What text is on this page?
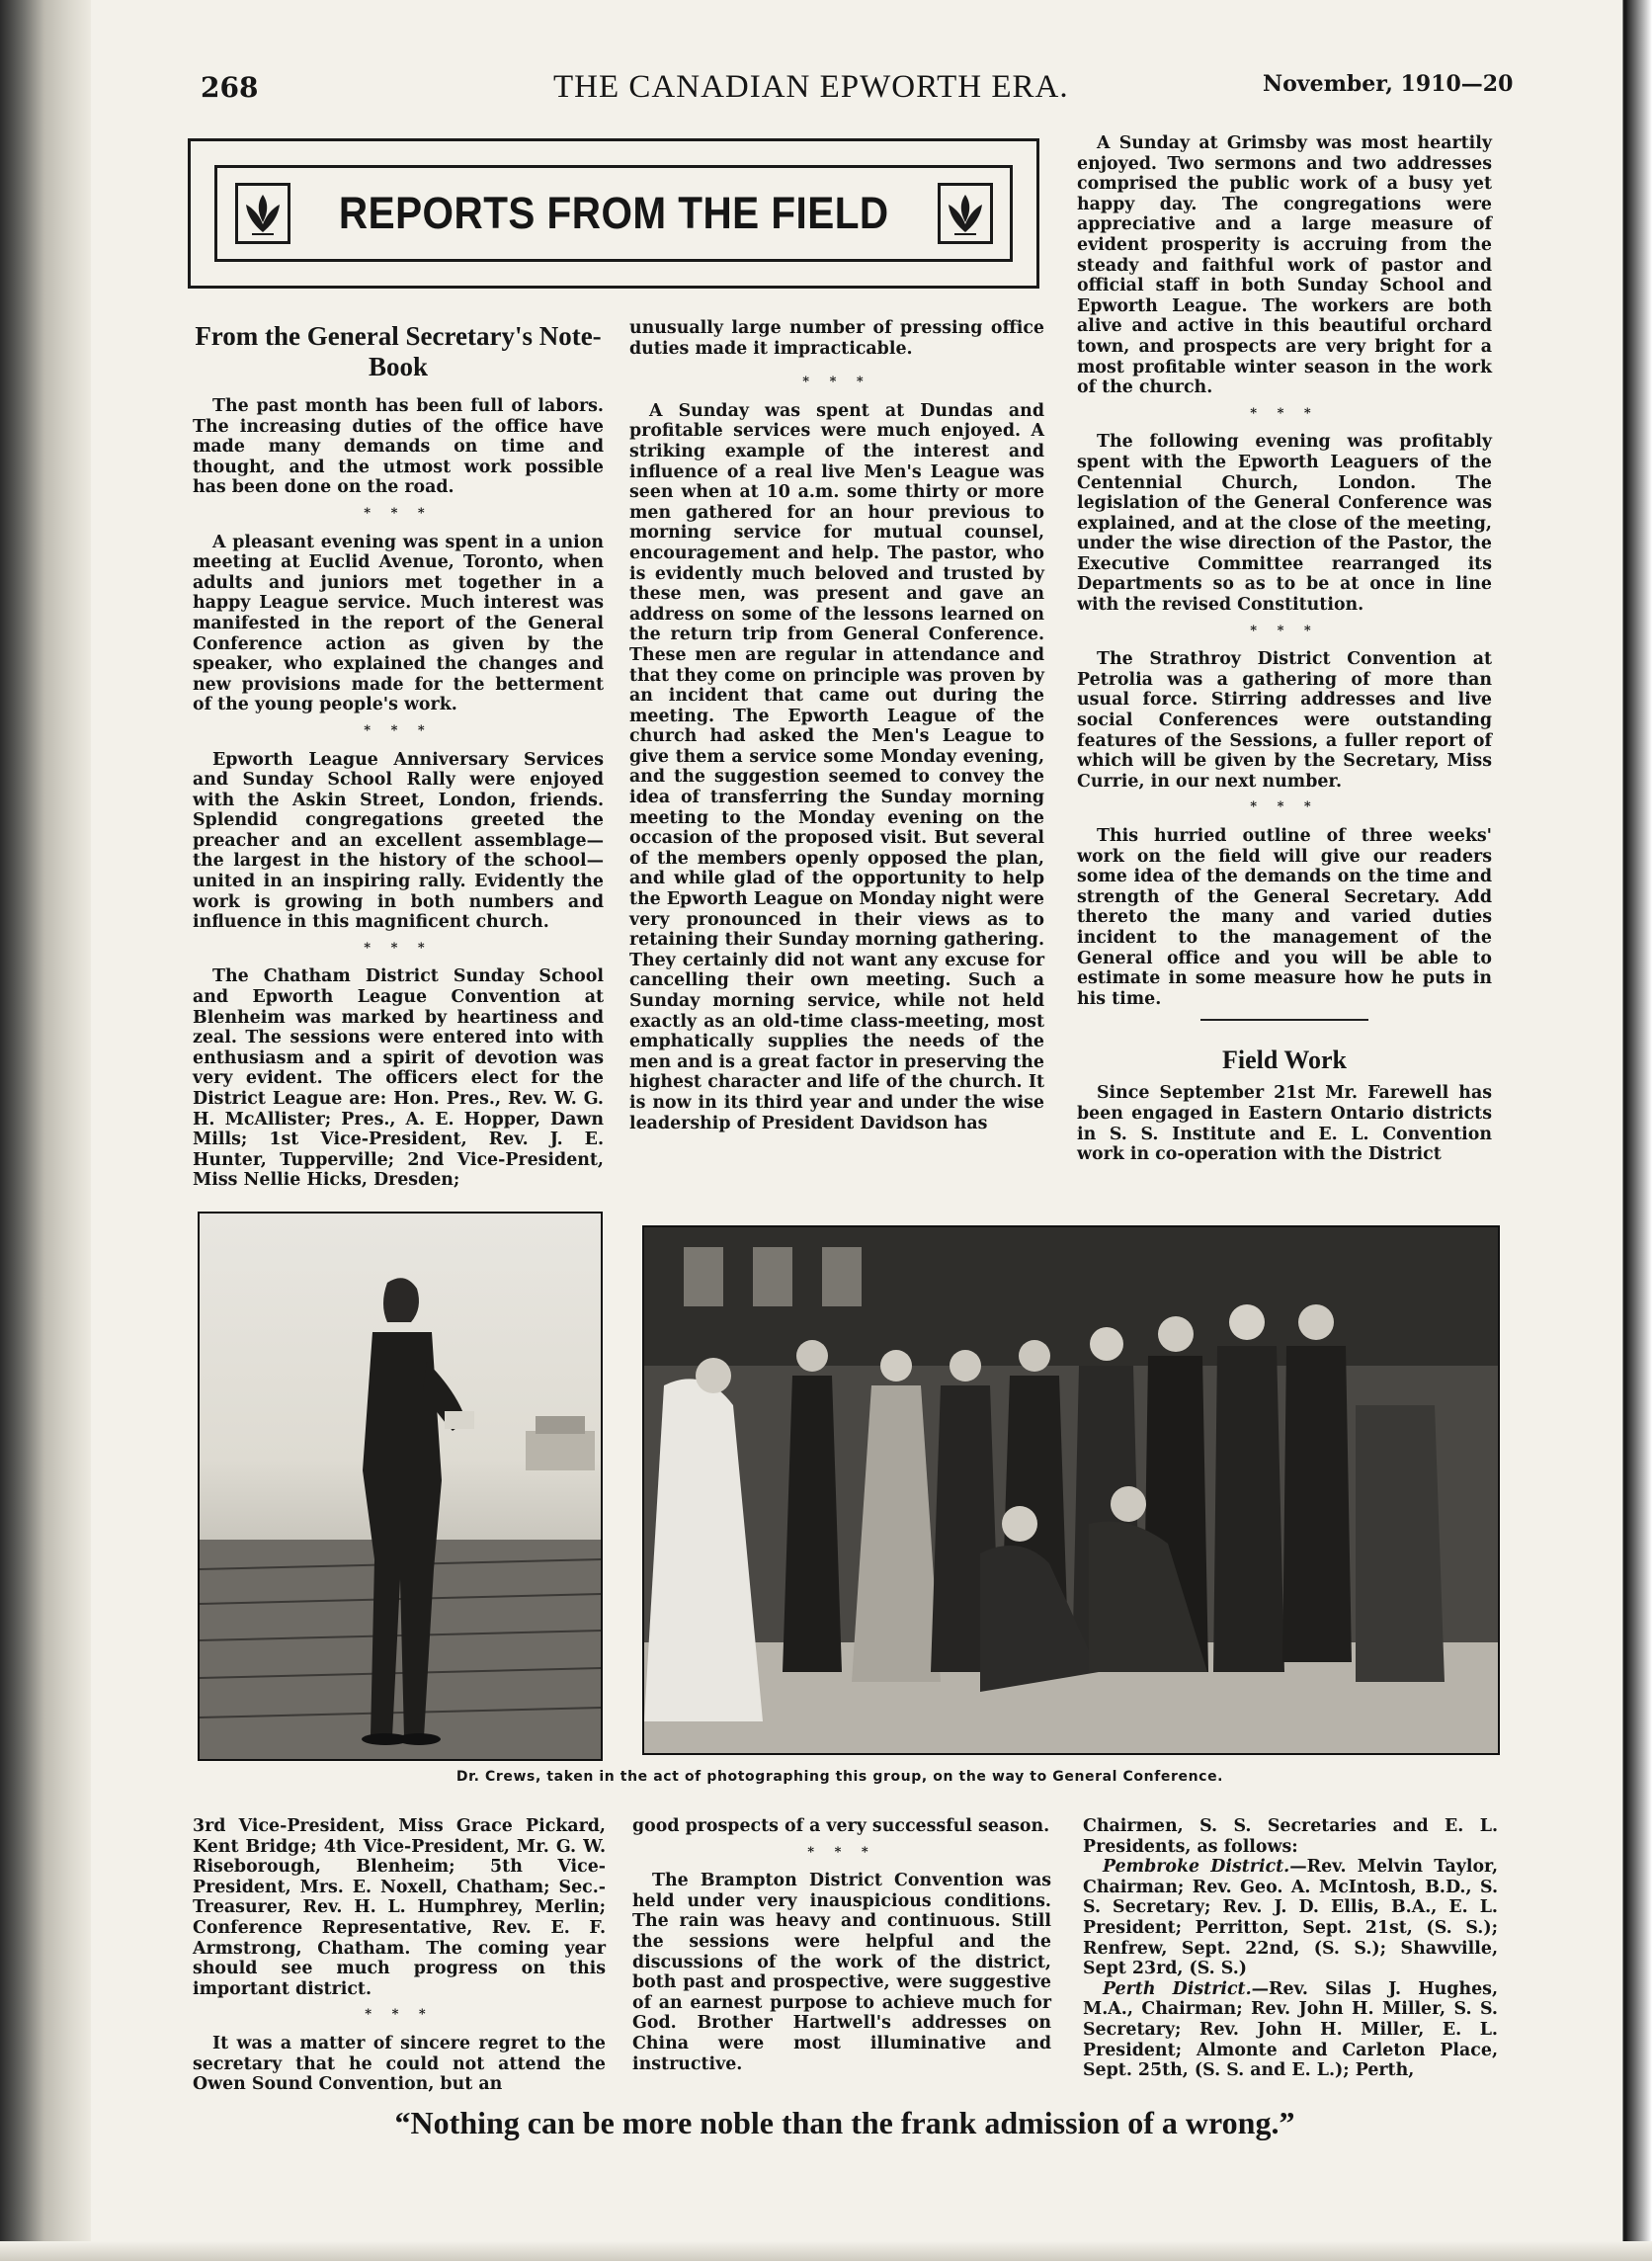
268	THE CANADIAN EPWORTH ERA.	November, 1910—20
REPORTS FROM THE FIELD
From the General Secretary's Note-Book

The past month has been full of labors. The increasing duties of the office have made many demands on time and thought, and the utmost work possible has been done on the road.

* * *

A pleasant evening was spent in a union meeting at Euclid Avenue, Toronto, when adults and juniors met together in a happy League service. Much interest was manifested in the report of the General Conference action as given by the speaker, who explained the changes and new provisions made for the betterment of the young people's work.

* * *

Epworth League Anniversary Services and Sunday School Rally were enjoyed with the Askin Street, London, friends. Splendid congregations greeted the preacher and an excellent assemblage—the largest in the history of the school—united in an inspiring rally. Evidently the work is growing in both numbers and influence in this magnificent church.

* * *

The Chatham District Sunday School and Epworth League Convention at Blenheim was marked by heartiness and zeal. The sessions were entered into with enthusiasm and a spirit of devotion was very evident. The officers elect for the District League are: Hon. Pres., Rev. W. G. H. McAllister; Pres., A. E. Hopper, Dawn Mills; 1st Vice-President, Rev. J. E. Hunter, Tupperville; 2nd Vice-President, Miss Nellie Hicks, Dresden;

unusually large number of pressing office duties made it impracticable.

* * *

A Sunday was spent at Dundas and profitable services were much enjoyed. A striking example of the interest and influence of a real live Men's League was seen when at 10 a.m. some thirty or more men gathered for an hour previous to morning service for mutual counsel, encouragement and help. The pastor, who is evidently much beloved and trusted by these men, was present and gave an address on some of the lessons learned on the return trip from General Conference. These men are regular in attendance and that they come on principle was proven by an incident that came out during the meeting. The Epworth League of the church had asked the Men's League to give them a service some Monday evening, and the suggestion seemed to convey the idea of transferring the Sunday morning meeting to the Monday evening on the occasion of the proposed visit. But several of the members openly opposed the plan, and while glad of the opportunity to help the Epworth League on Monday night were very pronounced in their views as to retaining their Sunday morning gathering. They certainly did not want any excuse for cancelling their own meeting. Such a Sunday morning service, while not held exactly as an old-time class-meeting, most emphatically supplies the needs of the men and is a great factor in preserving the highest character and life of the church. It is now in its third year and under the wise leadership of President Davidson has

A Sunday at Grimsby was most heartily enjoyed. Two sermons and two addresses comprised the public work of a busy yet happy day. The congregations were appreciative and a large measure of evident prosperity is accruing from the steady and faithful work of pastor and official staff in both Sunday School and Epworth League. The workers are both alive and active in this beautiful orchard town, and prospects are very bright for a most profitable winter season in the work of the church.

* * *

The following evening was profitably spent with the Epworth Leaguers of the Centennial Church, London. The legislation of the General Conference was explained, and at the close of the meeting, under the wise direction of the Pastor, the Executive Committee rearranged its Departments so as to be at once in line with the revised Constitution.

* * *

The Strathroy District Convention at Petrolia was a gathering of more than usual force. Stirring addresses and live social Conferences were outstanding features of the Sessions, a fuller report of which will be given by the Secretary, Miss Currie, in our next number.

* * *

This hurried outline of three weeks' work on the field will give our readers some idea of the demands on the time and strength of the General Secretary. Add thereto the many and varied duties incident to the management of the General office and you will be able to estimate in some measure how he puts in his time.

Field Work

Since September 21st Mr. Farewell has been engaged in Eastern Ontario districts in S. S. Institute and E. L. Convention work in co-operation with the District

Dr. Crews, taken in the act of photographing this group, on the way to General Conference.

3rd Vice-President, Miss Grace Pickard, Kent Bridge; 4th Vice-President, Mr. G. W. Riseborough, Blenheim; 5th Vice-President, Mrs. E. Noxell, Chatham; Sec.-Treasurer, Rev. H. L. Humphrey, Merlin; Conference Representative, Rev. E. F. Armstrong, Chatham. The coming year should see much progress on this important district.

* * *

It was a matter of sincere regret to the secretary that he could not attend the Owen Sound Convention, but an

good prospects of a very successful season.

* * *

The Brampton District Convention was held under very inauspicious conditions. The rain was heavy and continuous. Still the sessions were helpful and the discussions of the work of the district, both past and prospective, were suggestive of an earnest purpose to achieve much for God. Brother Hartwell's addresses on China were most illuminative and instructive.

Chairmen, S. S. Secretaries and E. L. Presidents, as follows:

Pembroke District.—Rev. Melvin Taylor, Chairman; Rev. Geo. A. McIntosh, B.D., S. S. Secretary; Rev. J. D. Ellis, B.A., E. L. President; Perritton, Sept. 21st, (S. S.); Renfrew, Sept. 22nd, (S. S.); Shawville, Sept 23rd, (S. S.)

Perth District.—Rev. Silas J. Hughes, M.A., Chairman; Rev. John H. Miller, S. S. Secretary; Rev. John H. Miller, E. L. President; Almonte and Carleton Place, Sept. 25th, (S. S. and E. L.); Perth,

“Nothing can be more noble than the frank admission of a wrong.”
